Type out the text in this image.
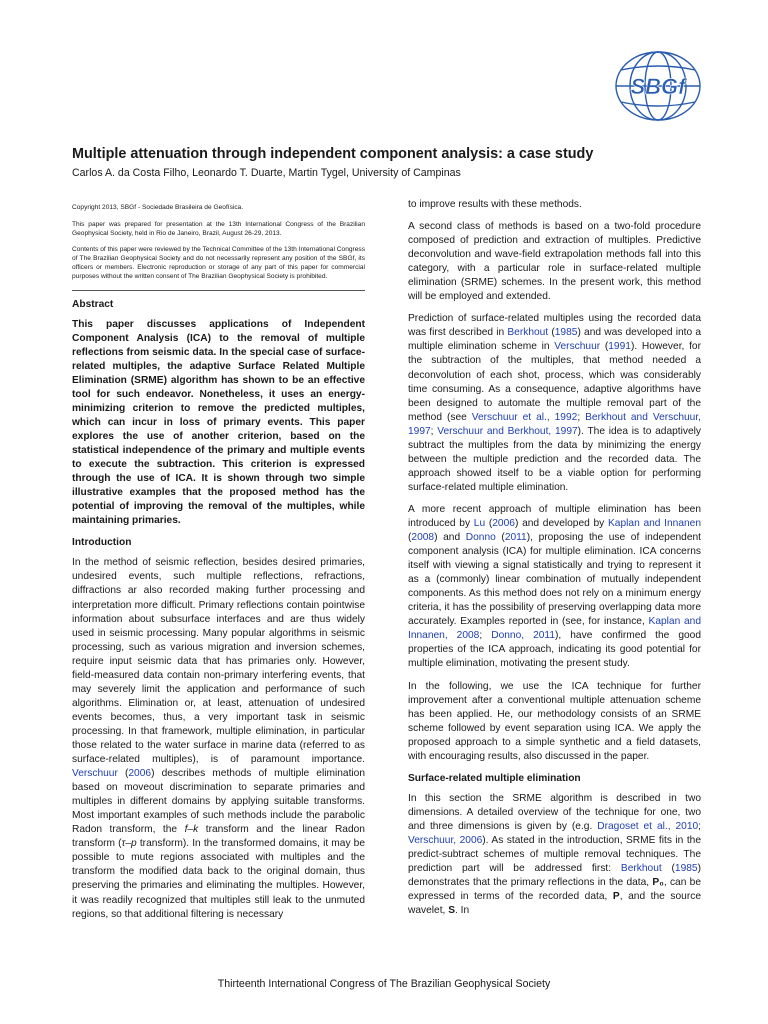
SBGf
Multiple attenuation through independent component analysis: a case study
Carlos A. da Costa Filho, Leonardo T. Duarte, Martin Tygel, University of Campinas

Copyright 2013, SBGf - Sociedade Brasileira de Geofísica.

This paper was prepared for presentation at the 13th International Congress of the Brazilian Geophysical Society, held in Rio de Janeiro, Brazil, August 26-29, 2013.

Contents of this paper were reviewed by the Technical Committee of the 13th International Congress of The Brazilian Geophysical Society and do not necessarily represent any position of the SBGf, its officers or members. Electronic reproduction or storage of any part of this paper for commercial purposes without the written consent of The Brazilian Geophysical Society is prohibited.

Abstract

This paper discusses applications of Independent Component Analysis (ICA) to the removal of multiple reflections from seismic data. In the special case of surface-related multiples, the adaptive Surface Related Multiple Elimination (SRME) algorithm has shown to be an effective tool for such endeavor. Nonetheless, it uses an energy-minimizing criterion to remove the predicted multiples, which can incur in loss of primary events. This paper explores the use of another criterion, based on the statistical independence of the primary and multiple events to execute the subtraction. This criterion is expressed through the use of ICA. It is shown through two simple illustrative examples that the proposed method has the potential of improving the removal of the multiples, while maintaining primaries.

Introduction

In the method of seismic reflection, besides desired primaries, undesired events, such multiple reflections, refractions, diffractions ar also recorded making further processing and interpretation more difficult. Primary reflections contain pointwise information about subsurface interfaces and are thus widely used in seismic processing. Many popular algorithms in seismic processing, such as various migration and inversion schemes, require input seismic data that has primaries only. However, field-measured data contain non-primary interfering events, that may severely limit the application and performance of such algorithms. Elimination or, at least, attenuation of undesired events becomes, thus, a very important task in seismic processing. In that framework, multiple elimination, in particular those related to the water surface in marine data (referred to as surface-related multiples), is of paramount importance. Verschuur (2006) describes methods of multiple elimination based on moveout discrimination to separate primaries and multiples in different domains by applying suitable transforms. Most important examples of such methods include the parabolic Radon transform, the f–k transform and the linear Radon transform (τ–p transform). In the transformed domains, it may be possible to mute regions associated with multiples and the transform the modified data back to the original domain, thus preserving the primaries and eliminating the multiples. However, it was readily recognized that multiples still leak to the unmuted regions, so that additional filtering is necessary

to improve results with these methods.

A second class of methods is based on a two-fold procedure composed of prediction and extraction of multiples. Predictive deconvolution and wave-field extrapolation methods fall into this category, with a particular role in surface-related multiple elimination (SRME) schemes. In the present work, this method will be employed and extended.

Prediction of surface-related multiples using the recorded data was first described in Berkhout (1985) and was developed into a multiple elimination scheme in Verschuur (1991). However, for the subtraction of the multiples, that method needed a deconvolution of each shot, process, which was considerably time consuming. As a consequence, adaptive algorithms have been designed to automate the multiple removal part of the method (see Verschuur et al., 1992; Berkhout and Verschuur, 1997; Verschuur and Berkhout, 1997). The idea is to adaptively subtract the multiples from the data by minimizing the energy between the multiple prediction and the recorded data. The approach showed itself to be a viable option for performing surface-related multiple elimination.

A more recent approach of multiple elimination has been introduced by Lu (2006) and developed by Kaplan and Innanen (2008) and Donno (2011), proposing the use of independent component analysis (ICA) for multiple elimination. ICA concerns itself with viewing a signal statistically and trying to represent it as a (commonly) linear combination of mutually independent components. As this method does not rely on a minimum energy criteria, it has the possibility of preserving overlapping data more accurately. Examples reported in (see, for instance, Kaplan and Innanen, 2008; Donno, 2011), have confirmed the good properties of the ICA approach, indicating its good potential for multiple elimination, motivating the present study.

In the following, we use the ICA technique for further improvement after a conventional multiple attenuation scheme has been applied. He, our methodology consists of an SRME scheme followed by event separation using ICA. We apply the proposed approach to a simple synthetic and a field datasets, with encouraging results, also discussed in the paper.

Surface-related multiple elimination

In this section the SRME algorithm is described in two dimensions. A detailed overview of the technique for one, two and three dimensions is given by (e.g. Dragoset et al., 2010; Verschuur, 2006). As stated in the introduction, SRME fits in the predict-subtract schemes of multiple removal techniques. The prediction part will be addressed first: Berkhout (1985) demonstrates that the primary reflections in the data, P₀, can be expressed in terms of the recorded data, P, and the source wavelet, S. In

Thirteenth International Congress of The Brazilian Geophysical Society
